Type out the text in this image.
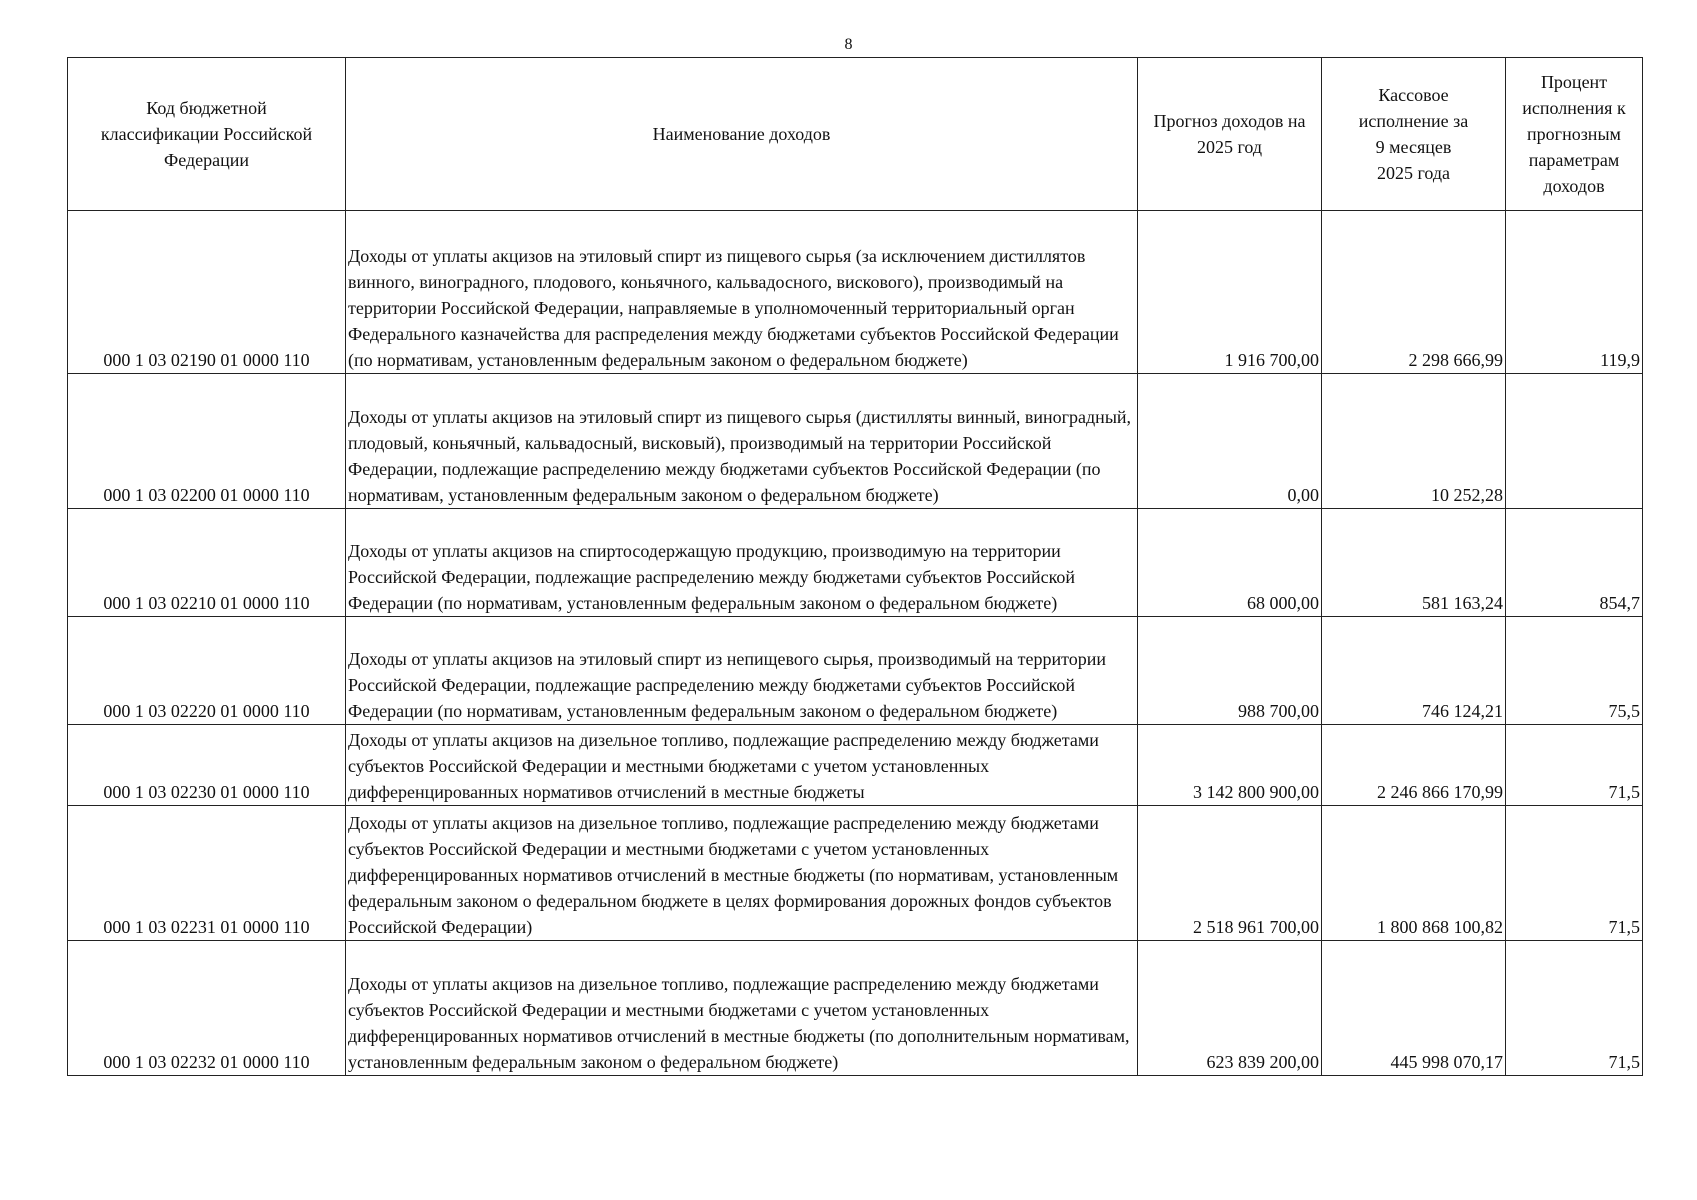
8
Код бюджетной классификации Российской Федерации	Наименование доходов	Прогноз доходов на 2025 год	Кассовое исполнение за 9 месяцев 2025 года	Процент исполнения к прогнозным параметрам доходов
000 1 03 02190 01 0000 110	Доходы от уплаты акцизов на этиловый спирт из пищевого сырья (за исключением дистиллятов винного, виноградного, плодового, коньячного, кальвадосного, вискового), производимый на территории Российской Федерации, направляемые в уполномоченный территориальный орган Федерального казначейства для распределения между бюджетами субъектов Российской Федерации (по нормативам, установленным федеральным законом о федеральном бюджете)	1 916 700,00	2 298 666,99	119,9
000 1 03 02200 01 0000 110	Доходы от уплаты акцизов на этиловый спирт из пищевого сырья (дистилляты винный, виноградный, плодовый, коньячный, кальвадосный, висковый), производимый на территории Российской Федерации, подлежащие распределению между бюджетами субъектов Российской Федерации (по нормативам, установленным федеральным законом о федеральном бюджете)	0,00	10 252,28	
000 1 03 02210 01 0000 110	Доходы от уплаты акцизов на спиртосодержащую продукцию, производимую на территории Российской Федерации, подлежащие распределению между бюджетами субъектов Российской Федерации (по нормативам, установленным федеральным законом о федеральном бюджете)	68 000,00	581 163,24	854,7
000 1 03 02220 01 0000 110	Доходы от уплаты акцизов на этиловый спирт из непищевого сырья, производимый на территории Российской Федерации, подлежащие распределению между бюджетами субъектов Российской Федерации (по нормативам, установленным федеральным законом о федеральном бюджете)	988 700,00	746 124,21	75,5
000 1 03 02230 01 0000 110	Доходы от уплаты акцизов на дизельное топливо, подлежащие распределению между бюджетами субъектов Российской Федерации и местными бюджетами с учетом установленных дифференцированных нормативов отчислений в местные бюджеты	3 142 800 900,00	2 246 866 170,99	71,5
000 1 03 02231 01 0000 110	Доходы от уплаты акцизов на дизельное топливо, подлежащие распределению между бюджетами субъектов Российской Федерации и местными бюджетами с учетом установленных дифференцированных нормативов отчислений в местные бюджеты (по нормативам, установленным федеральным законом о федеральном бюджете в целях формирования дорожных фондов субъектов Российской Федерации)	2 518 961 700,00	1 800 868 100,82	71,5
000 1 03 02232 01 0000 110	Доходы от уплаты акцизов на дизельное топливо, подлежащие распределению между бюджетами субъектов Российской Федерации и местными бюджетами с учетом установленных дифференцированных нормативов отчислений в местные бюджеты (по дополнительным нормативам, установленным федеральным законом о федеральном бюджете)	623 839 200,00	445 998 070,17	71,5
